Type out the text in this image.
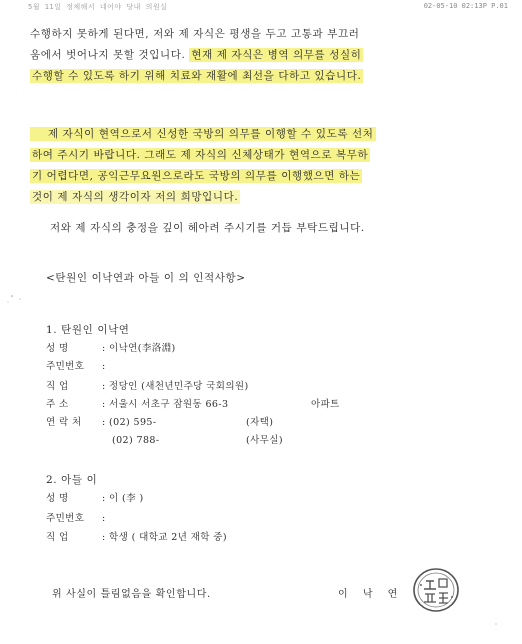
5월 11일 정체해서 네어야 당내 의원실	02-05-10 02:13P P.01
수행하지 못하게 된다면, 저와 제 자식은 평생을 두고 고통과 부끄러
움에서 벗어나지 못할 것입니다. 현재 제 자식은 병역 의무를 성실히
수행할 수 있도록 하기 위해 치료와 재활에 최선을 다하고 있습니다.
제 자식이 현역으로서 신성한 국방의 의무를 이행할 수 있도록 선처
하여 주시기 바랍니다. 그래도 제 자식의 신체상태가 현역으로 복무하
기 어렵다면, 공익근무요원으로라도 국방의 의무를 이행했으면 하는
것이 제 자식의 생각이자 저의 희망입니다.
저와 제 자식의 충정을 깊이 헤아려 주시기를 거듭 부탁드립니다.
<탄원인 이낙연과 아들 이 의 인적사항>
1. 탄원인 이낙연
성 명	: 이낙연(李洛淵)
주민번호 :
직 업	: 정당인 (새천년민주당 국회의원)
주 소	: 서울시 서초구 잠원동 66-3	아파트
연 락 처 : (02) 595-	(자택)
(02) 788-	(사무실)
2. 아들 이
성 명	: 이 (李 )
주민번호 :
직 업	: 학생 ( 대학교 2년 재학 중)
위 사실이 틀림없음을 확인합니다.	이 낙 연
